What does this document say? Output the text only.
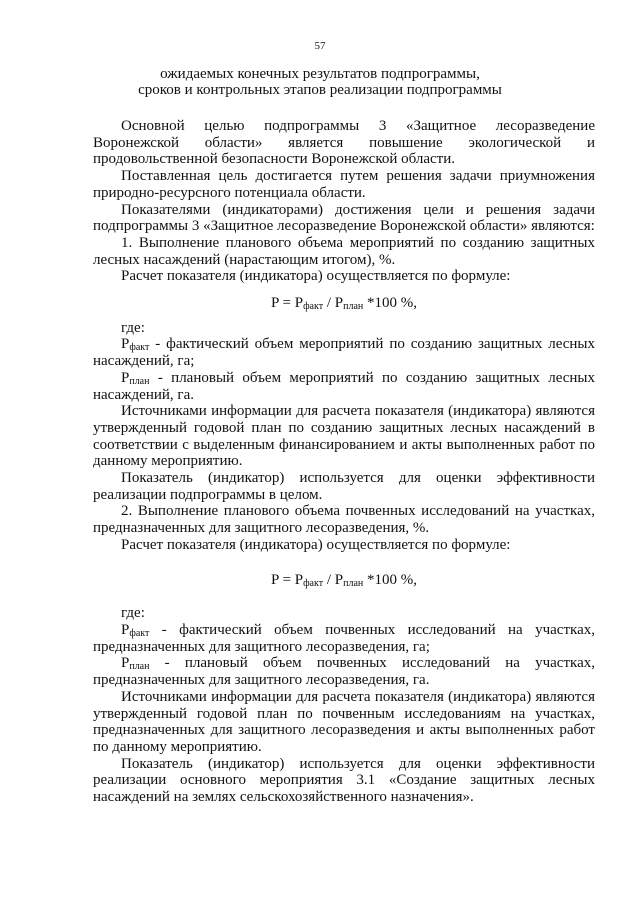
57
ожидаемых конечных результатов подпрограммы,
сроков и контрольных этапов реализации подпрограммы

Основной целью подпрограммы 3 «Защитное лесоразведение Воронежской области» является повышение экологической и продовольственной безопасности Воронежской области.

Поставленная цель достигается путем решения задачи приумножения природно-ресурсного потенциала области.

Показателями (индикаторами) достижения цели и решения задачи подпрограммы 3 «Защитное лесоразведение Воронежской области» являются:

1. Выполнение планового объема мероприятий по созданию защитных лесных насаждений (нарастающим итогом), %.

Расчет показателя (индикатора) осуществляется по формуле:

$P = P_{факт} / P_{план}$ *100 %,

где:

$P_{факт}$ - фактический объем мероприятий по созданию защитных лесных насаждений, га;

$P_{план}$ - плановый объем мероприятий по созданию защитных лесных насаждений, га.

Источниками информации для расчета показателя (индикатора) являются утвержденный годовой план по созданию защитных лесных насаждений в соответствии с выделенным финансированием и акты выполненных работ по данному мероприятию.

Показатель (индикатор) используется для оценки эффективности реализации подпрограммы в целом.

2. Выполнение планового объема почвенных исследований на участках, предназначенных для защитного лесоразведения, %.

Расчет показателя (индикатора) осуществляется по формуле:

$P = P_{факт} / P_{план}$ *100 %,

где:

$P_{факт}$ - фактический объем почвенных исследований на участках, предназначенных для защитного лесоразведения, га;

$P_{план}$ - плановый объем почвенных исследований на участках, предназначенных для защитного лесоразведения, га.

Источниками информации для расчета показателя (индикатора) являются утвержденный годовой план по почвенным исследованиям на участках, предназначенных для защитного лесоразведения и акты выполненных работ по данному мероприятию.

Показатель (индикатор) используется для оценки эффективности реализации основного мероприятия 3.1 «Создание защитных лесных насаждений на землях сельскохозяйственного назначения».
